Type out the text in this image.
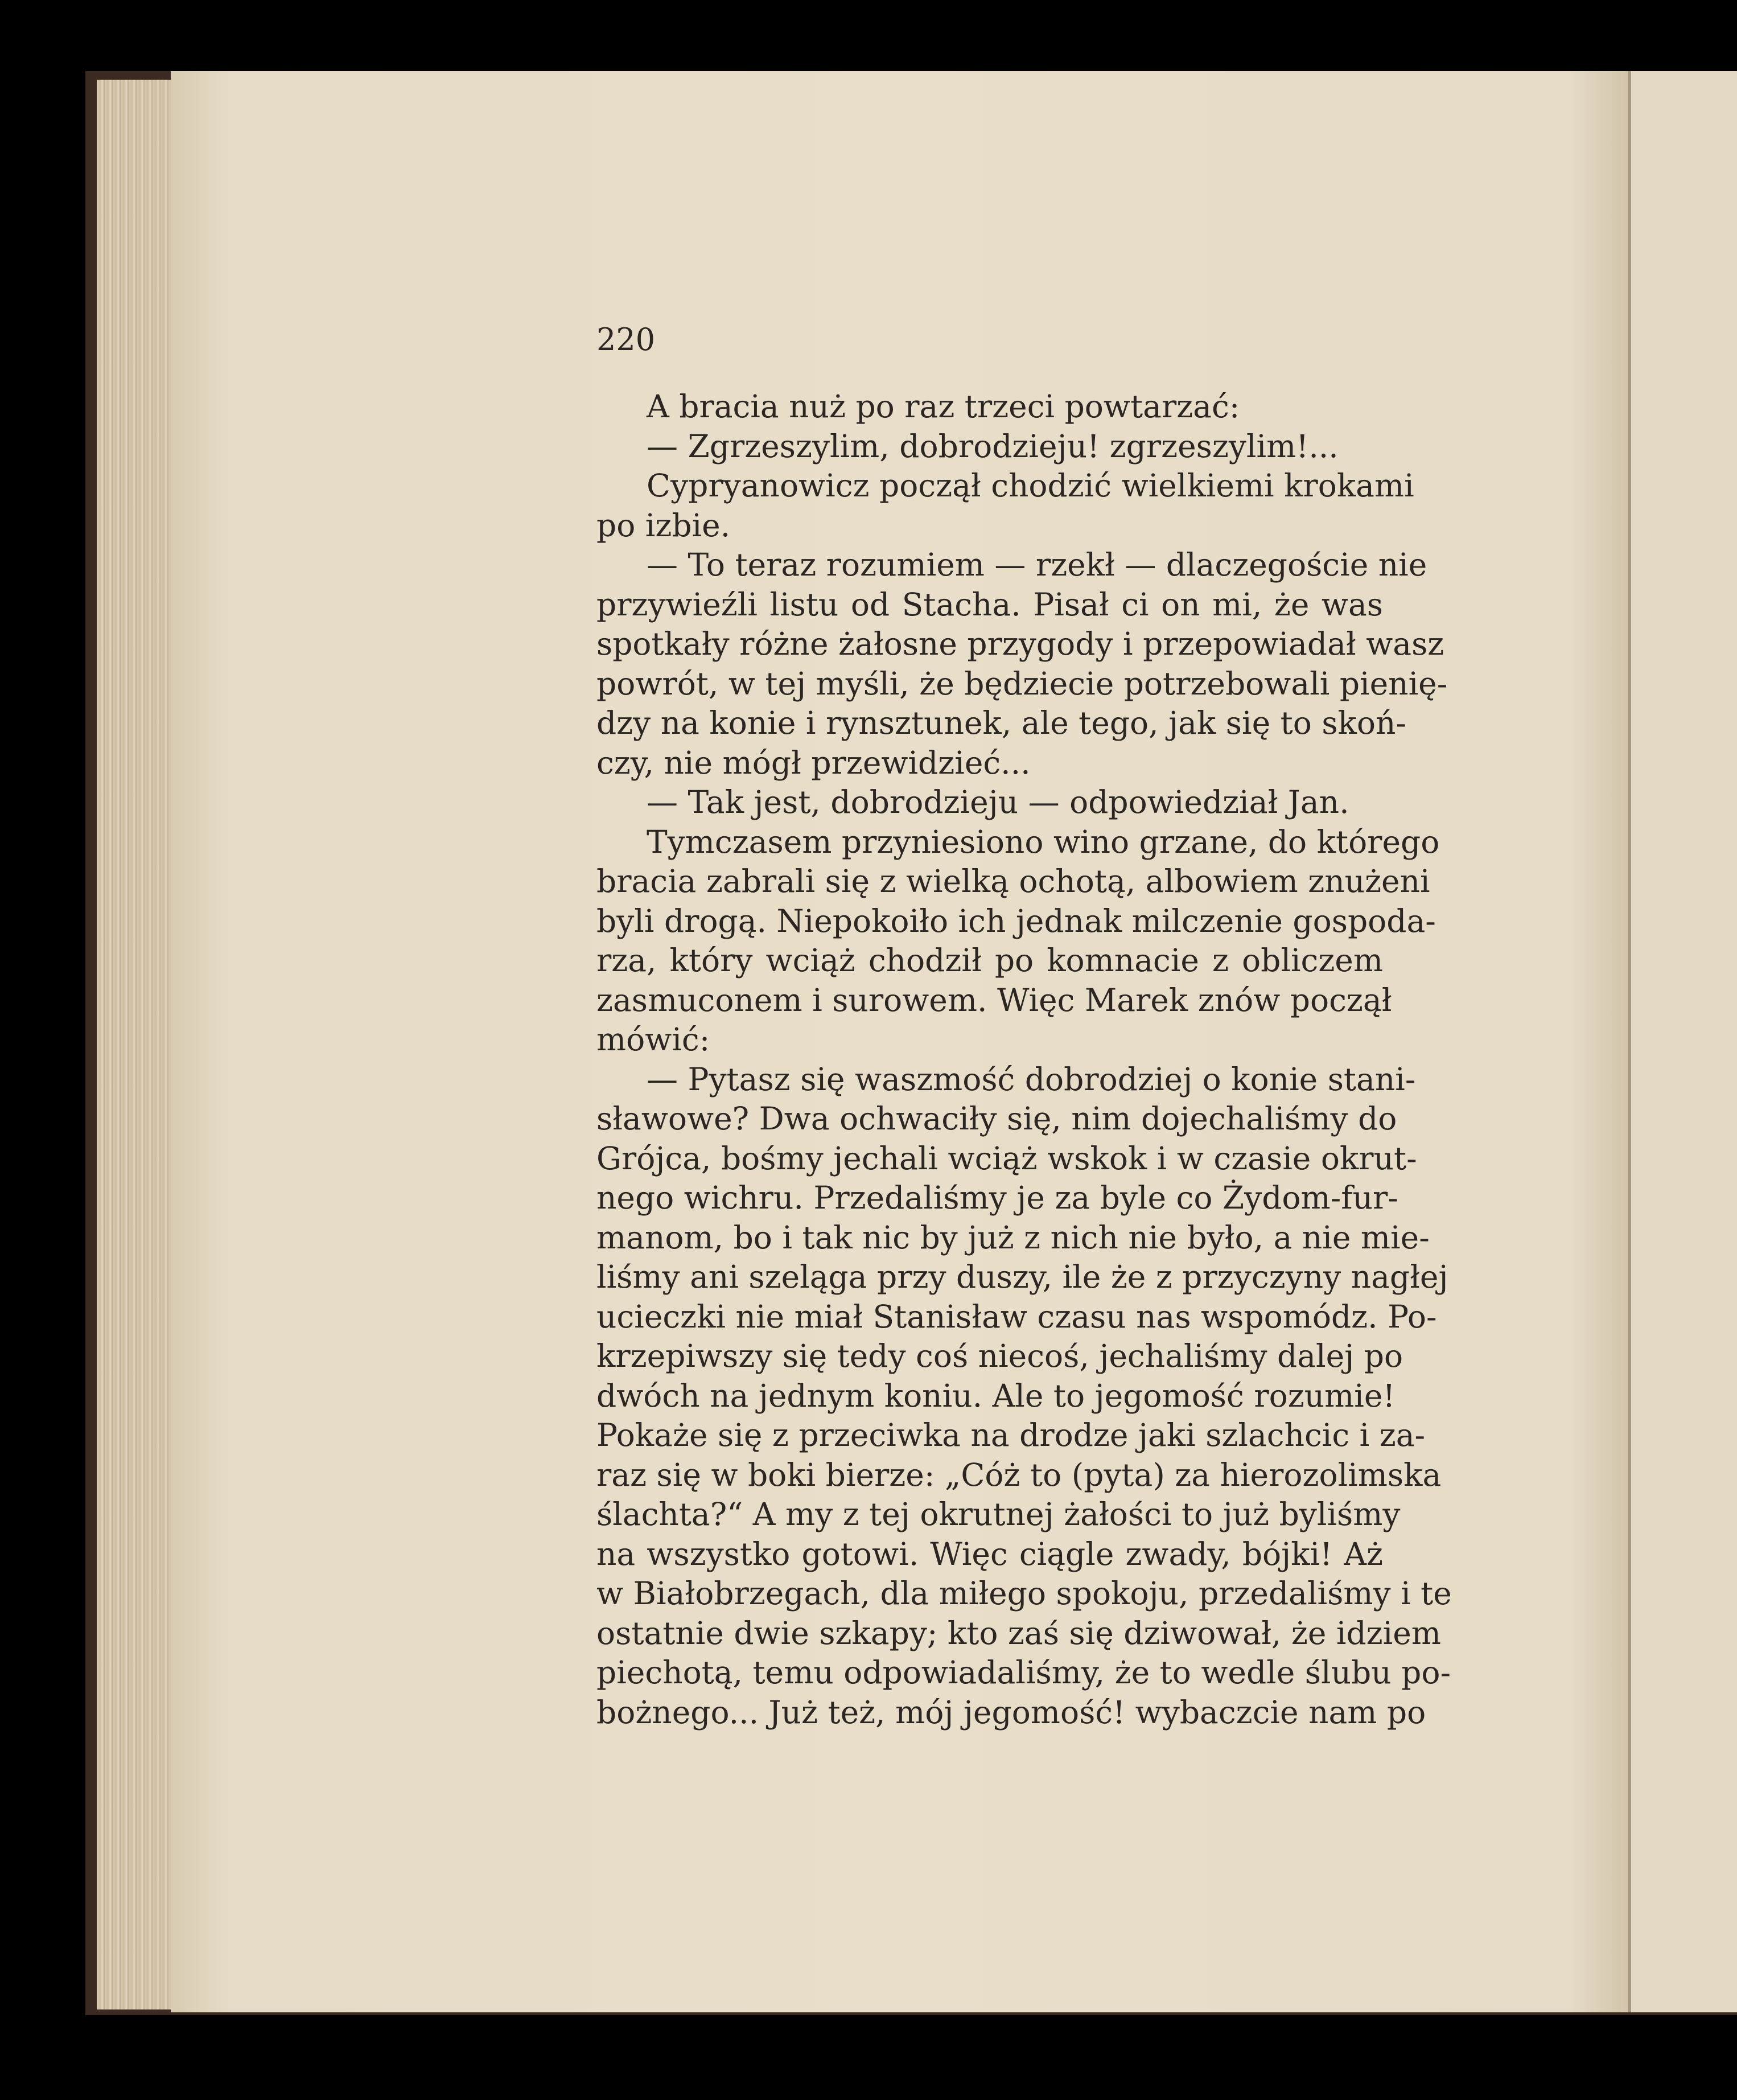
220
A bracia nuż po raz trzeci powtarzać:
— Zgrzeszylim, dobrodzieju! zgrzeszylim!...
Cypryanowicz począł chodzić wielkiemi krokami
po izbie.
— To teraz rozumiem — rzekł — dlaczegoście nie
przywieźli listu od Stacha. Pisał ci on mi, że was
spotkały różne żałosne przygody i przepowiadał wasz
powrót, w tej myśli, że będziecie potrzebowali pienię-
dzy na konie i rynsztunek, ale tego, jak się to skoń-
czy, nie mógł przewidzieć...
— Tak jest, dobrodzieju — odpowiedział Jan.
Tymczasem przyniesiono wino grzane, do którego
bracia zabrali się z wielką ochotą, albowiem znużeni
byli drogą. Niepokoiło ich jednak milczenie gospoda-
rza, który wciąż chodził po komnacie z obliczem
zasmuconem i surowem. Więc Marek znów począł
mówić:
— Pytasz się waszmość dobrodziej o konie stani-
sławowe? Dwa ochwaciły się, nim dojechaliśmy do
Grójca, bośmy jechali wciąż wskok i w czasie okrut-
nego wichru. Przedaliśmy je za byle co Żydom-fur-
manom, bo i tak nic by już z nich nie było, a nie mie-
liśmy ani szeląga przy duszy, ile że z przyczyny nagłej
ucieczki nie miał Stanisław czasu nas wspomódz. Po-
krzepiwszy się tedy coś niecoś, jechaliśmy dalej po
dwóch na jednym koniu. Ale to jegomość rozumie!
Pokaże się z przeciwka na drodze jaki szlachcic i za-
raz się w boki bierze: „Cóż to (pyta) za hierozolimska
ślachta?“ A my z tej okrutnej żałości to już byliśmy
na wszystko gotowi. Więc ciągle zwady, bójki! Aż
w Białobrzegach, dla miłego spokoju, przedaliśmy i te
ostatnie dwie szkapy; kto zaś się dziwował, że idziem
piechotą, temu odpowiadaliśmy, że to wedle ślubu po-
bożnego... Już też, mój jegomość! wybaczcie nam po
